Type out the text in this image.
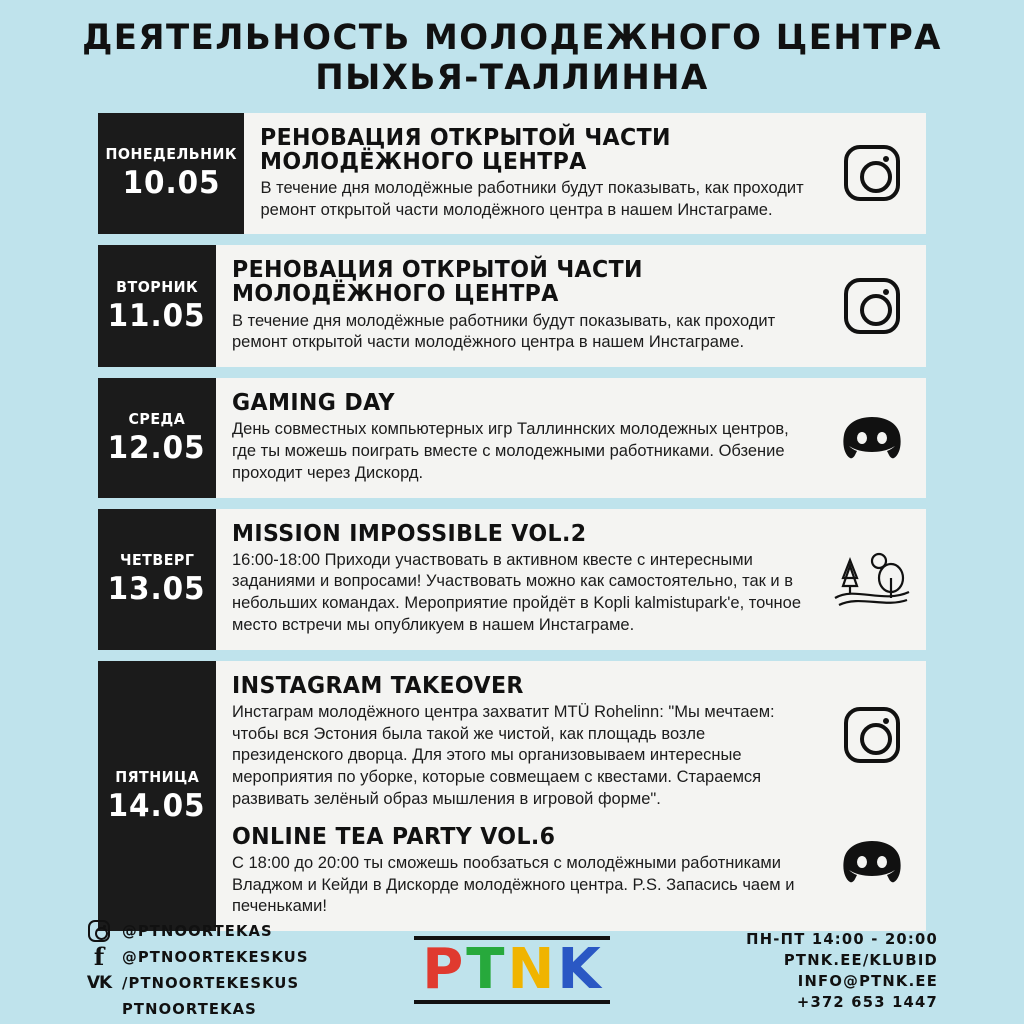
ДЕЯТЕЛЬНОСТЬ МОЛОДЕЖНОГО ЦЕНТРА
ПЫХЬЯ-ТАЛЛИННА
ПОНЕДЕЛЬНИК
10.05
РЕНОВАЦИЯ ОТКРЫТОЙ ЧАСТИ МОЛОДЁЖНОГО ЦЕНТРА
В течение дня молодёжные работники будут показывать, как проходит ремонт открытой части молодёжного центра в нашем Инстаграме.
ВТОРНИК
11.05
РЕНОВАЦИЯ ОТКРЫТОЙ ЧАСТИ МОЛОДЁЖНОГО ЦЕНТРА
В течение дня молодёжные работники будут показывать, как проходит ремонт открытой части молодёжного центра в нашем Инстаграме.
СРЕДА
12.05
GAMING DAY
День совместных компьютерных игр Таллиннских молодежных центров, где ты можешь поиграть вместе с молодежными работниками. Обзение проходит через Дискорд.
ЧЕТВЕРГ
13.05
MISSION IMPOSSIBLE VOL.2
16:00-18:00 Приходи участвовать в активном квесте с интересными заданиями и вопросами! Участвовать можно как самостоятельно, так и в небольших командах. Мероприятие пройдёт в Kopli kalmistupark'e, точное место встречи мы опубликуем в нашем Инстаграме.
ПЯТНИЦА
14.05
INSTAGRAM TAKEOVER
Инстаграм молодёжного центра захватит MTÜ Rohelinn: "Мы мечтаем: чтобы вся Эстония была такой же чистой, как площадь возле президенского дворца. Для этого мы организовываем интересные мероприятия по уборке, которые совмещаем с квестами. Стараемся развивать зелёный образ мышления в игровой форме".
ONLINE TEA PARTY VOL.6
С 18:00 до 20:00 ты сможешь пообзаться с молодёжными работниками Владжом и Кейди в Дискорде молодёжного центра. P.S. Запасись чаем и печеньками!
@PTNOORTEKAS
f @PTNOORTEKESKUS
VK /PTNOORTEKESKUS
PTNOORTEKAS
P T N K	ПН-ПТ 14:00 - 20:00
PTNK.EE/KLUBID
INFO@PTNK.EE
+372 653 1447
